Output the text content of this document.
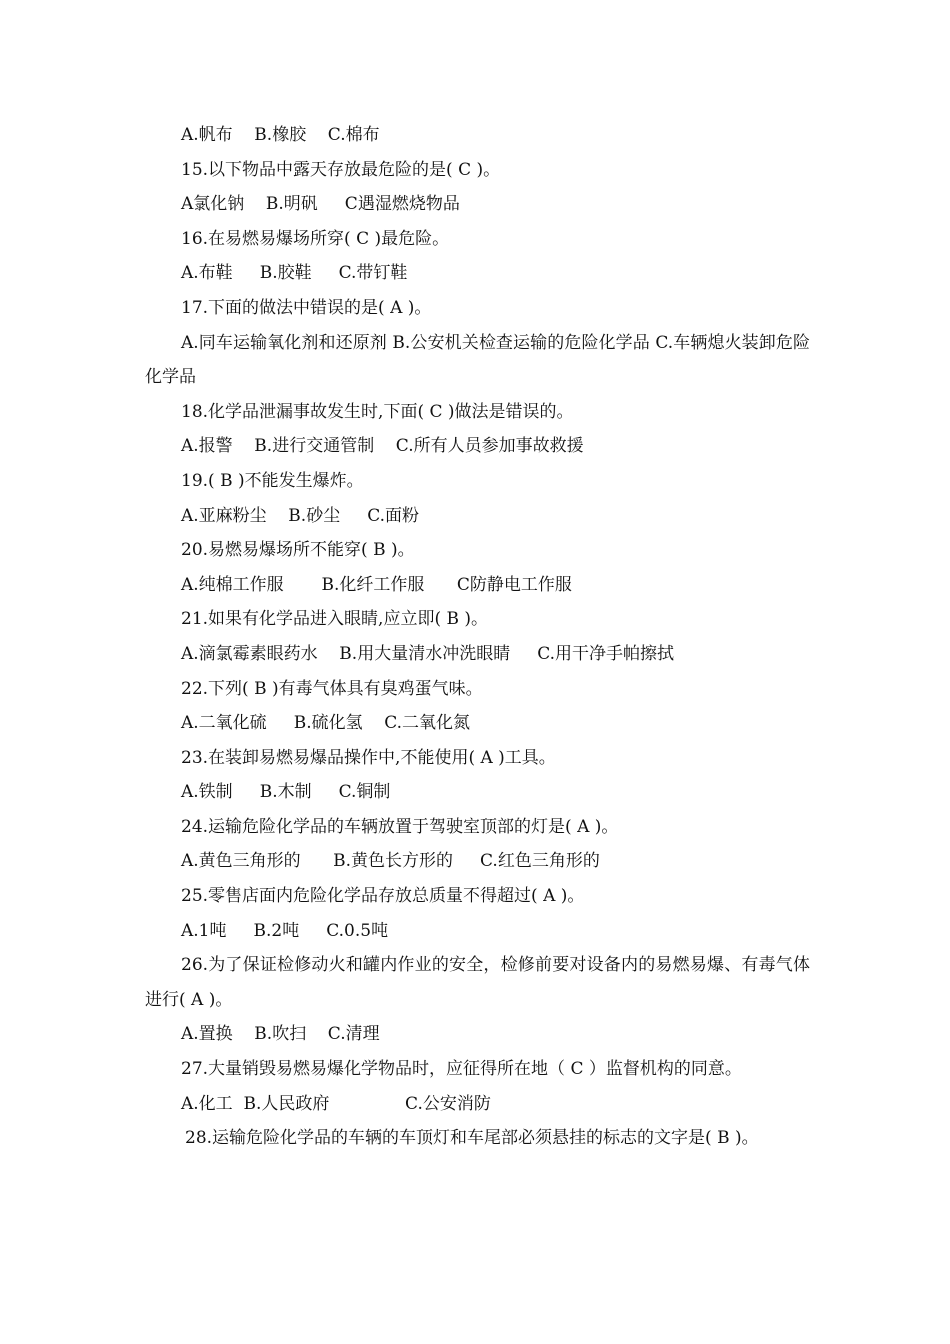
A.帆布    B.橡胶    C.棉布
15.以下物品中露天存放最危险的是( C )。
A氯化钠    B.明矾     C遇湿燃烧物品
16.在易燃易爆场所穿( C )最危险。
A.布鞋     B.胶鞋     C.带钉鞋
17.下面的做法中错误的是( A )。
A.同车运输氧化剂和还原剂 B.公安机关检查运输的危险化学品 C.车辆熄火装卸危险化学品
18.化学品泄漏事故发生时,下面( C )做法是错误的。
A.报警    B.进行交通管制    C.所有人员参加事故救援
19.( B )不能发生爆炸。
A.亚麻粉尘    B.砂尘     C.面粉
20.易燃易爆场所不能穿( B )。
A.纯棉工作服       B.化纤工作服      C防静电工作服
21.如果有化学品进入眼睛,应立即( B )。
A.滴氯霉素眼药水    B.用大量清水冲洗眼睛     C.用干净手帕擦拭
22.下列( B )有毒气体具有臭鸡蛋气味。
A.二氧化硫     B.硫化氢    C.二氧化氮
23.在装卸易燃易爆品操作中,不能使用( A )工具。
A.铁制     B.木制     C.铜制
24.运输危险化学品的车辆放置于驾驶室顶部的灯是( A )。
A.黄色三角形的      B.黄色长方形的     C.红色三角形的
25.零售店面内危险化学品存放总质量不得超过( A )。
A.1吨     B.2吨     C.0.5吨
26.为了保证检修动火和罐内作业的安全，检修前要对设备内的易燃易爆、有毒气体进行( A )。
A.置换    B.吹扫    C.清理
27.大量销毁易燃易爆化学物品时，应征得所在地（ C ）监督机构的同意。
A.化工  B.人民政府              C.公安消防
28.运输危险化学品的车辆的车顶灯和车尾部必须悬挂的标志的文字是( B )。
